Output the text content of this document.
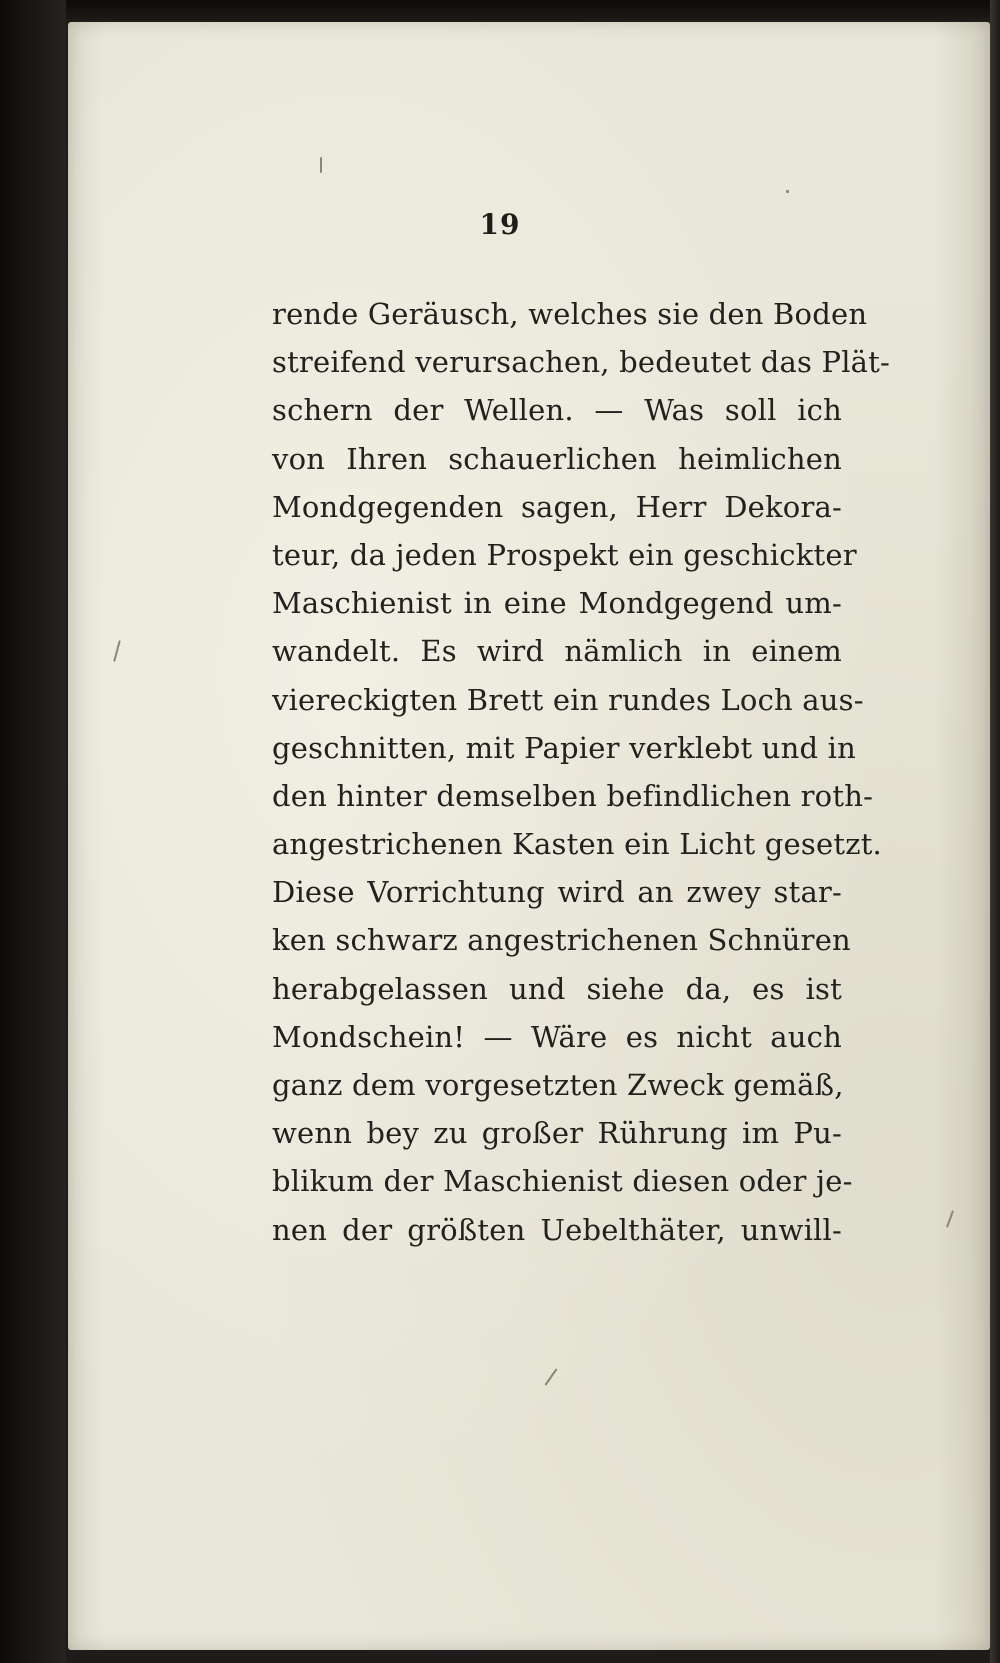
19
rende Geräusch, welches sie den Boden
streifend verursachen, bedeutet das Plät-
schern der Wellen. — Was soll ich
von Ihren schauerlichen heimlichen
Mondgegenden sagen, Herr Dekora-
teur, da jeden Prospekt ein geschickter
Maschienist in eine Mondgegend um-
wandelt. Es wird nämlich in einem
viereckigten Brett ein rundes Loch aus-
geschnitten, mit Papier verklebt und in
den hinter demselben befindlichen roth-
angestrichenen Kasten ein Licht gesetzt.
Diese Vorrichtung wird an zwey star-
ken schwarz angestrichenen Schnüren
herabgelassen und siehe da, es ist
Mondschein! — Wäre es nicht auch
ganz dem vorgesetzten Zweck gemäß,
wenn bey zu großer Rührung im Pu-
blikum der Maschienist diesen oder je-
nen der größten Uebelthäter, unwill-
